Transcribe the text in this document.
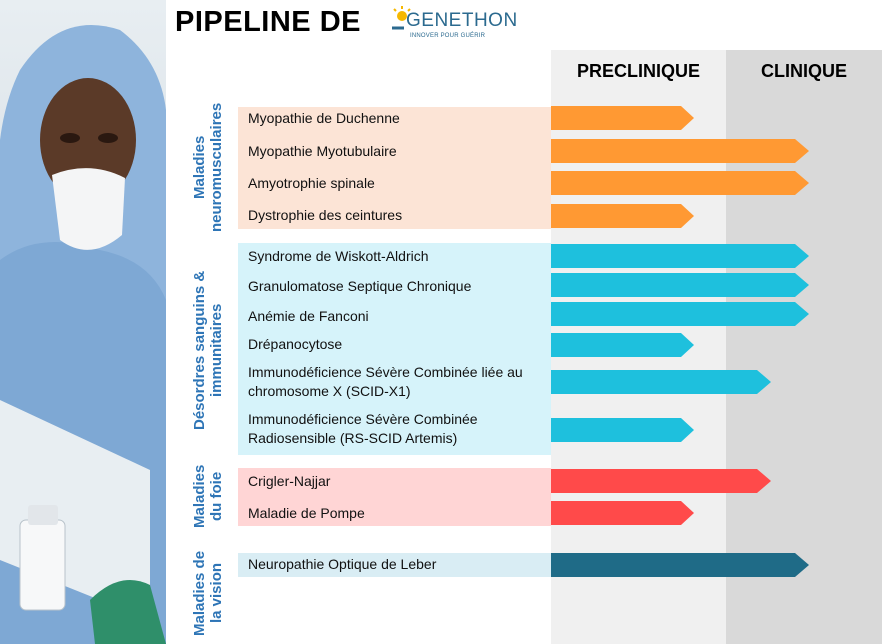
PIPELINE DE GENETHON
INNOVER POUR GUÉRIR
PRECLINIQUE	CLINIQUE
Maladies neuromusculaires
Désordres sanguins & immunitaires
Maladies du foie
Maladies de la vision
Myopathie de Duchenne
Myopathie Myotubulaire
Amyotrophie spinale
Dystrophie des ceintures
Syndrome de Wiskott-Aldrich
Granulomatose Septique Chronique
Anémie de Fanconi
Drépanocytose
Immunodéficience Sévère Combinée liée au chromosome X (SCID-X1)
Immunodéficience Sévère Combinée Radiosensible (RS-SCID Artemis)
Crigler-Najjar
Maladie de Pompe
Neuropathie Optique de Leber
